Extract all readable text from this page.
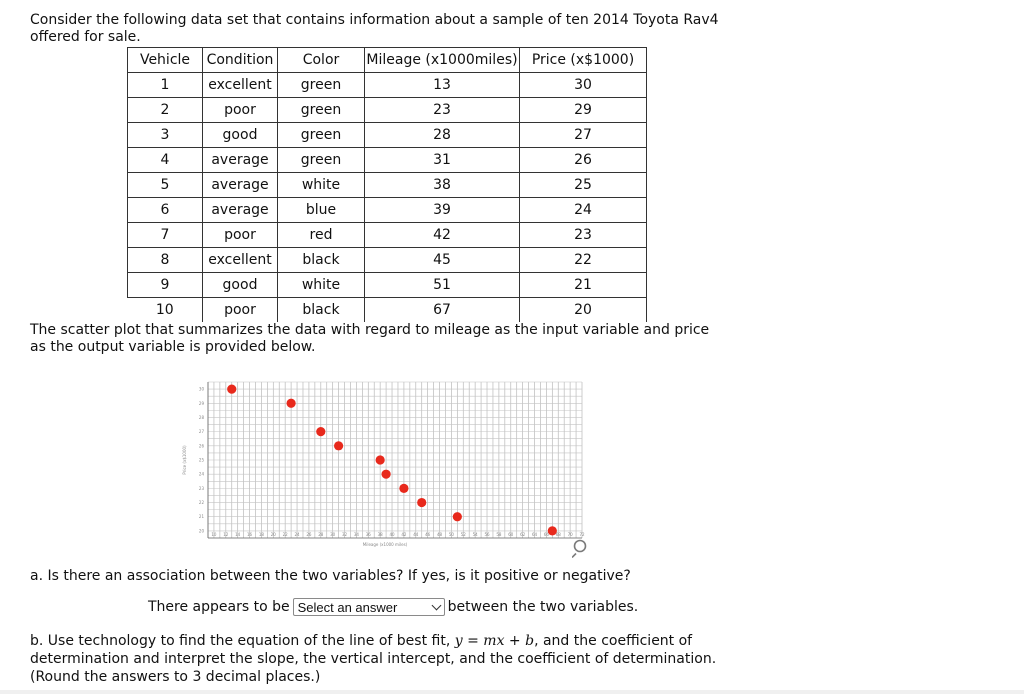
Consider the following data set that contains information about a sample of ten 2014 Toyota Rav4 offered for sale.
Vehicle	Condition	Color	Mileage (x1000miles)	Price (x$1000)
1	excellent	green	13	30
2	poor	green	23	29
3	good	green	28	27
4	average	green	31	26
5	average	white	38	25
6	average	blue	39	24
7	poor	red	42	23
8	excellent	black	45	22
9	good	white	51	21
10	poor	black	67	20
The scatter plot that summarizes the data with regard to mileage as the input variable and price as the output variable is provided below.
10 12 14 16 18 20 22 24 26 28 30 32 34 36 38 40 42 44 46 48 50 52 54 56 58 60 62 64 66 68 70 72
20
21
22
23
24
25
26
27
28
29
30
Mileage (x1000 miles)
Price (x$1000)
a. Is there an association between the two variables? If yes, is it positive or negative?
There appears to be Select an answer	between the two variables.
b. Use technology to find the equation of the line of best fit, y = mx + b, and the coefficient of determination and interpret the slope, the vertical intercept, and the coefficient of determination. (Round the answers to 3 decimal places.)
